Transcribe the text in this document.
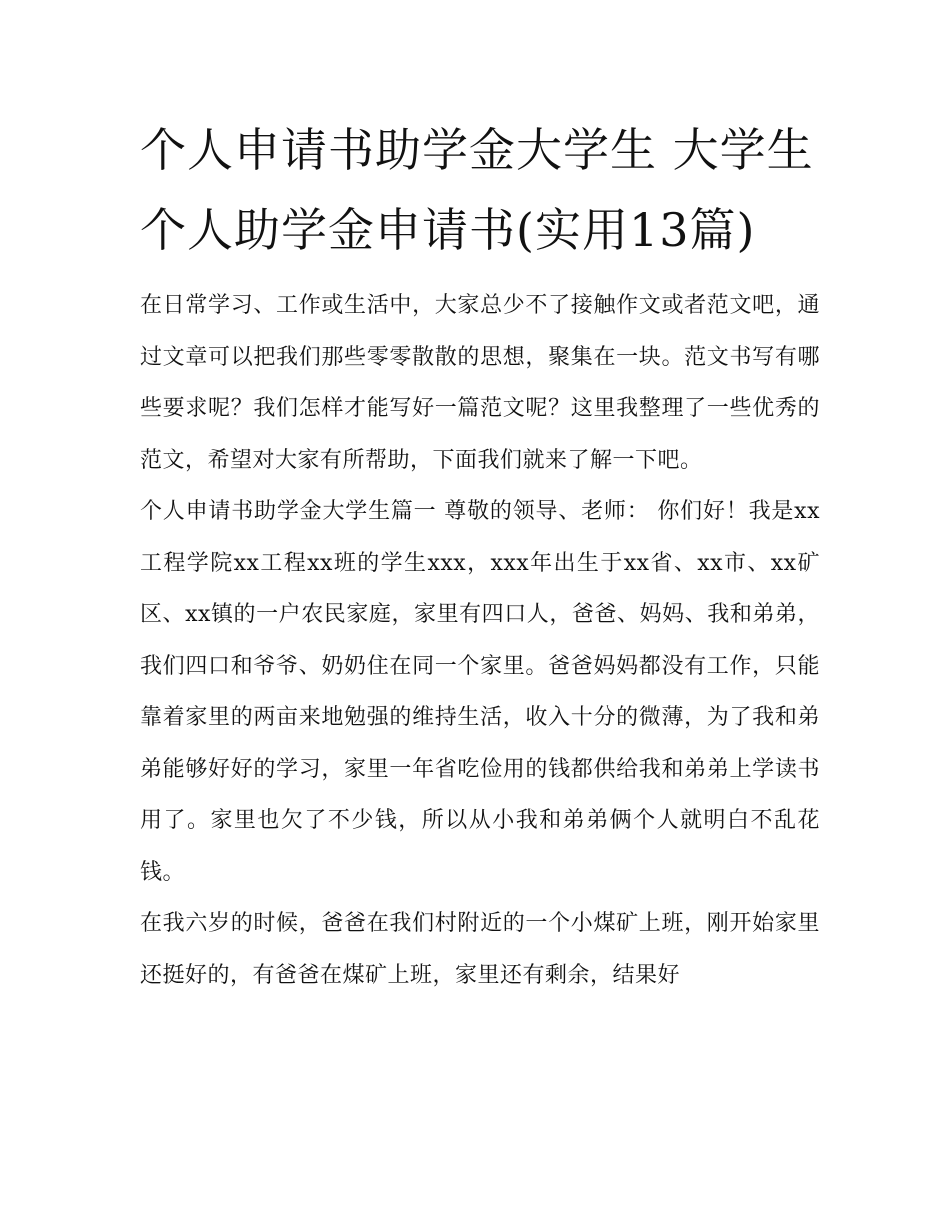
个人申请书助学金大学生 大学生个人助学金申请书(实用13篇)

在日常学习、工作或生活中，大家总少不了接触作文或者范文吧，通过文章可以把我们那些零零散散的思想，聚集在一块。范文书写有哪些要求呢？我们怎样才能写好一篇范文呢？这里我整理了一些优秀的范文，希望对大家有所帮助，下面我们就来了解一下吧。

个人申请书助学金大学生篇一 尊敬的领导、老师： 你们好！我是xx工程学院xx工程xx班的学生xxx，xxx年出生于xx省、xx市、xx矿区、xx镇的一户农民家庭，家里有四口人，爸爸、妈妈、我和弟弟，我们四口和爷爷、奶奶住在同一个家里。爸爸妈妈都没有工作，只能靠着家里的两亩来地勉强的维持生活，收入十分的微薄，为了我和弟弟能够好好的学习，家里一年省吃俭用的钱都供给我和弟弟上学读书用了。家里也欠了不少钱，所以从小我和弟弟俩个人就明白不乱花钱。

在我六岁的时候，爸爸在我们村附近的一个小煤矿上班，刚开始家里还挺好的，有爸爸在煤矿上班，家里还有剩余，结果好
